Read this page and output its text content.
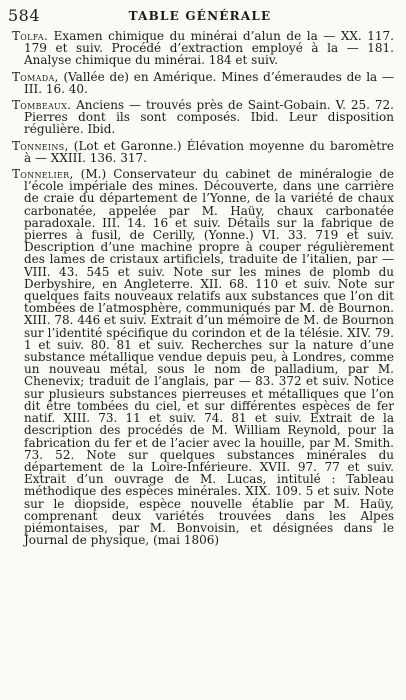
584	TABLE GÉNÉRALE

Tolfa. Examen chimique du minérai d’alun de la — XX. 117. 179 et suiv. Procédé d’extraction employé à la — 181. Analyse chimique du minérai. 184 et suiv.

Tomada, (Vallée de) en Amérique. Mines d’émeraudes de la — III. 16. 40.

Tombeaux. Anciens — trouvés près de Saint-Gobain. V. 25. 72. Pierres dont ils sont composés. Ibid. Leur disposition régulière. Ibid.

Tonneins, (Lot et Garonne.) Élévation moyenne du baromètre à — XXIII. 136. 317.

Tonnelier, (M.) Conservateur du cabinet de minéralogie de l’école impériale des mines. Découverte, dans une carrière de craie du département de l’Yonne, de la variété de chaux carbonatée, appelée par M. Haüy, chaux carbonatée paradoxale. III. 14. 16 et suiv. Détails sur la fabrique de pierres à fusil, de Cerilly, (Yonne.) VI. 33. 719 et suiv. Description d’une machine propre à couper régulièrement des lames de cristaux artificiels, traduite de l’italien, par — VIII. 43. 545 et suiv. Note sur les mines de plomb du Derbyshire, en Angleterre. XII. 68. 110 et suiv. Note sur quelques faits nouveaux relatifs aux substances que l’on dit tombées de l’atmosphère, communiqués par M. de Bournon. XIII. 78. 446 et suiv. Extrait d’un mémoire de M. de Bournon sur l’identité spécifique du corindon et de la télésie. XIV. 79. 1 et suiv. 80. 81 et suiv. Recherches sur la nature d’une substance métallique vendue depuis peu, à Londres, comme un nouveau métal, sous le nom de palladium, par M. Chenevix; traduit de l’anglais, par — 83. 372 et suiv. Notice sur plusieurs substances pierreuses et métalliques que l’on dit être tombées du ciel, et sur différentes espèces de fer natif. XIII. 73. 11 et suiv. 74. 81 et suiv. Extrait de la description des procédés de M. William Reynold, pour la fabrication du fer et de l’acier avec la houille, par M. Smith. 73. 52. Note sur quelques substances minérales du département de la Loire-Inférieure. XVII. 97. 77 et suiv. Extrait d’un ouvrage de M. Lucas, intitulé : Tableau méthodique des espèces minérales. XIX. 109. 5 et suiv. Note sur le diopside, espèce nouvelle établie par M. Haüy, comprenant deux variétés trouvées dans les Alpes piémontaises, par M. Bonvoisin, et désignées dans le Journal de physique, (mai 1806)
